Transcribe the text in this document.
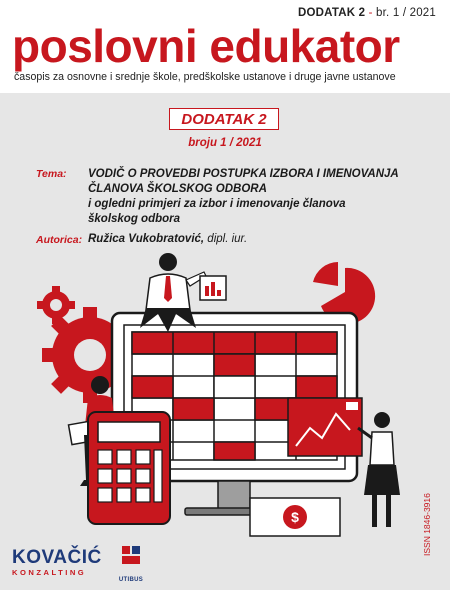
DODATAK 2 - br. 1 / 2021
poslovni edukator
časopis za osnovne i srednje škole, predškolske ustanove i druge javne ustanove
DODATAK 2
broju 1 / 2021
Tema: VODIČ O PROVEDBI POSTUPKA IZBORA I IMENOVANJA
ČLANOVA ŠKOLSKOG ODBORA
i ogledni primjeri za izbor i imenovanje članova
školskog odbora
Autorica: Ružica Vukobratović, dipl. iur.
$	ISSN 1846-3916
KOVAČIĆ
KONZALTING
UTIBUS
